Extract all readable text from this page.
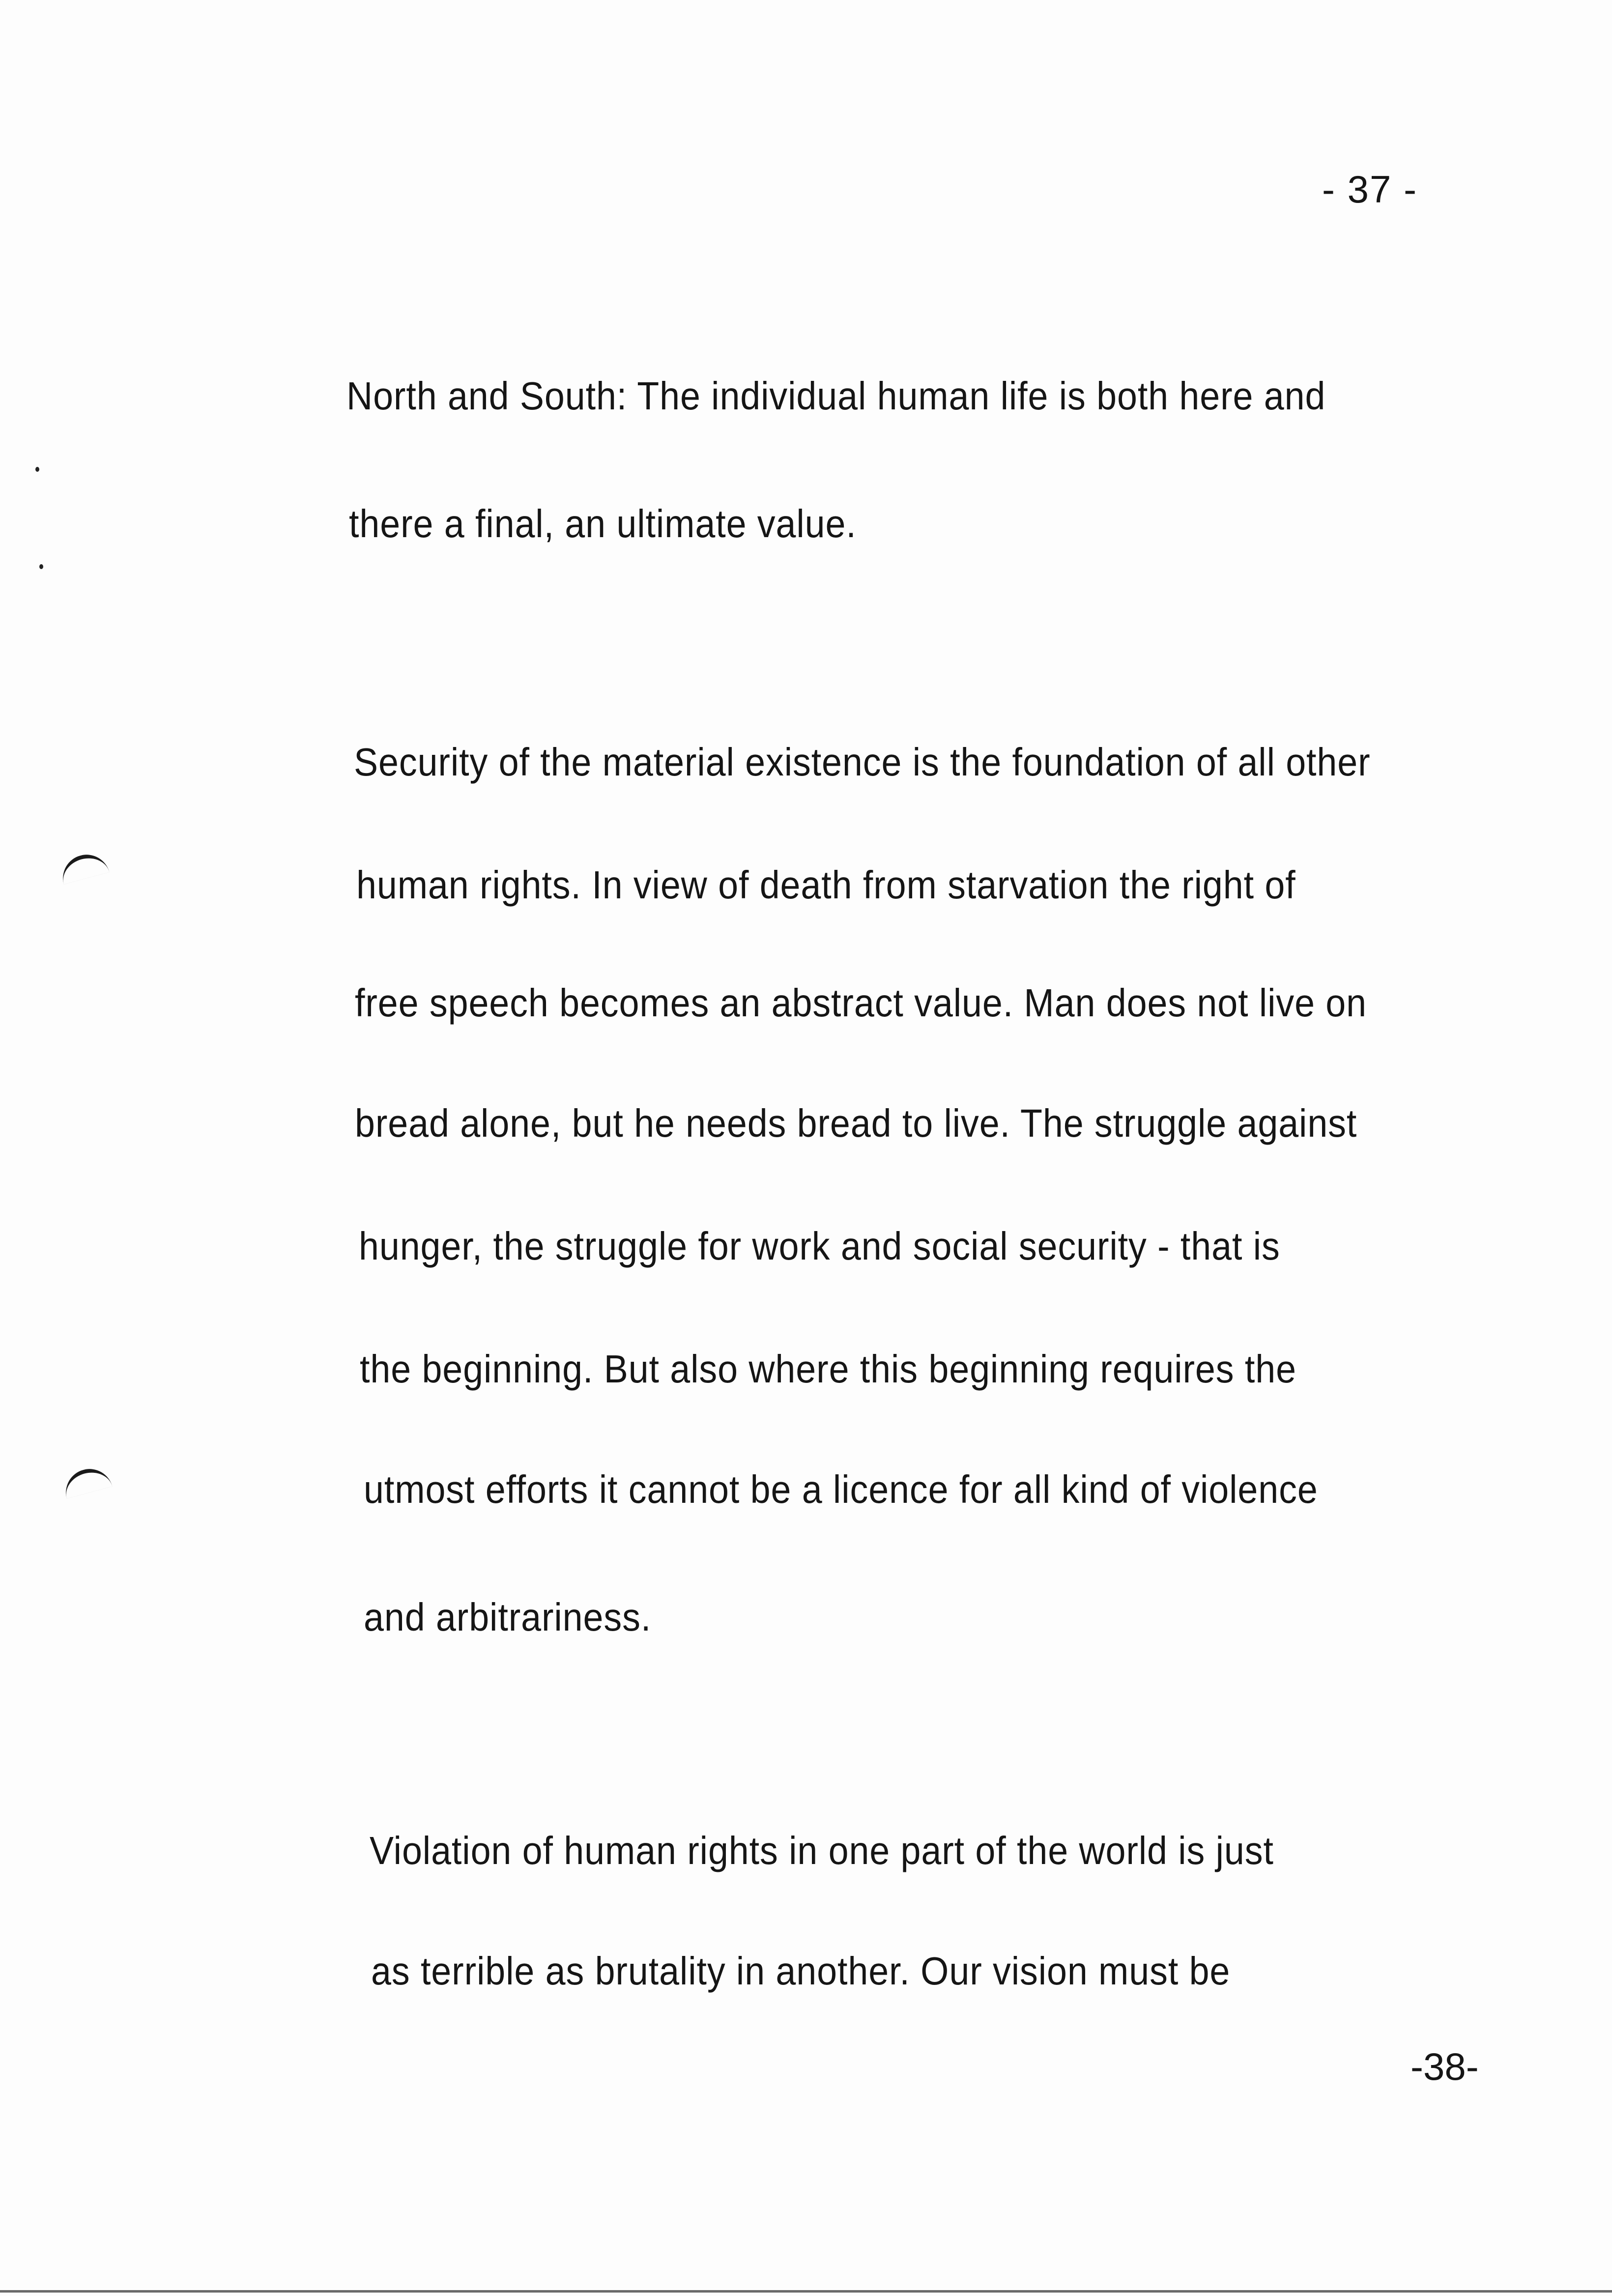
- 37 -
North and South: The individual human life is both here and
there a final, an ultimate value.
Security of the material existence is the foundation of all other
human rights. In view of death from starvation the right of
free speech becomes an abstract value. Man does not live on
bread alone, but he needs bread to live. The struggle against
hunger, the struggle for work and social security - that is
the beginning. But also where this beginning requires the
utmost efforts it cannot be a licence for all kind of violence
and arbitrariness.
Violation of human rights in one part of the world is just
as terrible as brutality in another. Our vision must be
-38-
